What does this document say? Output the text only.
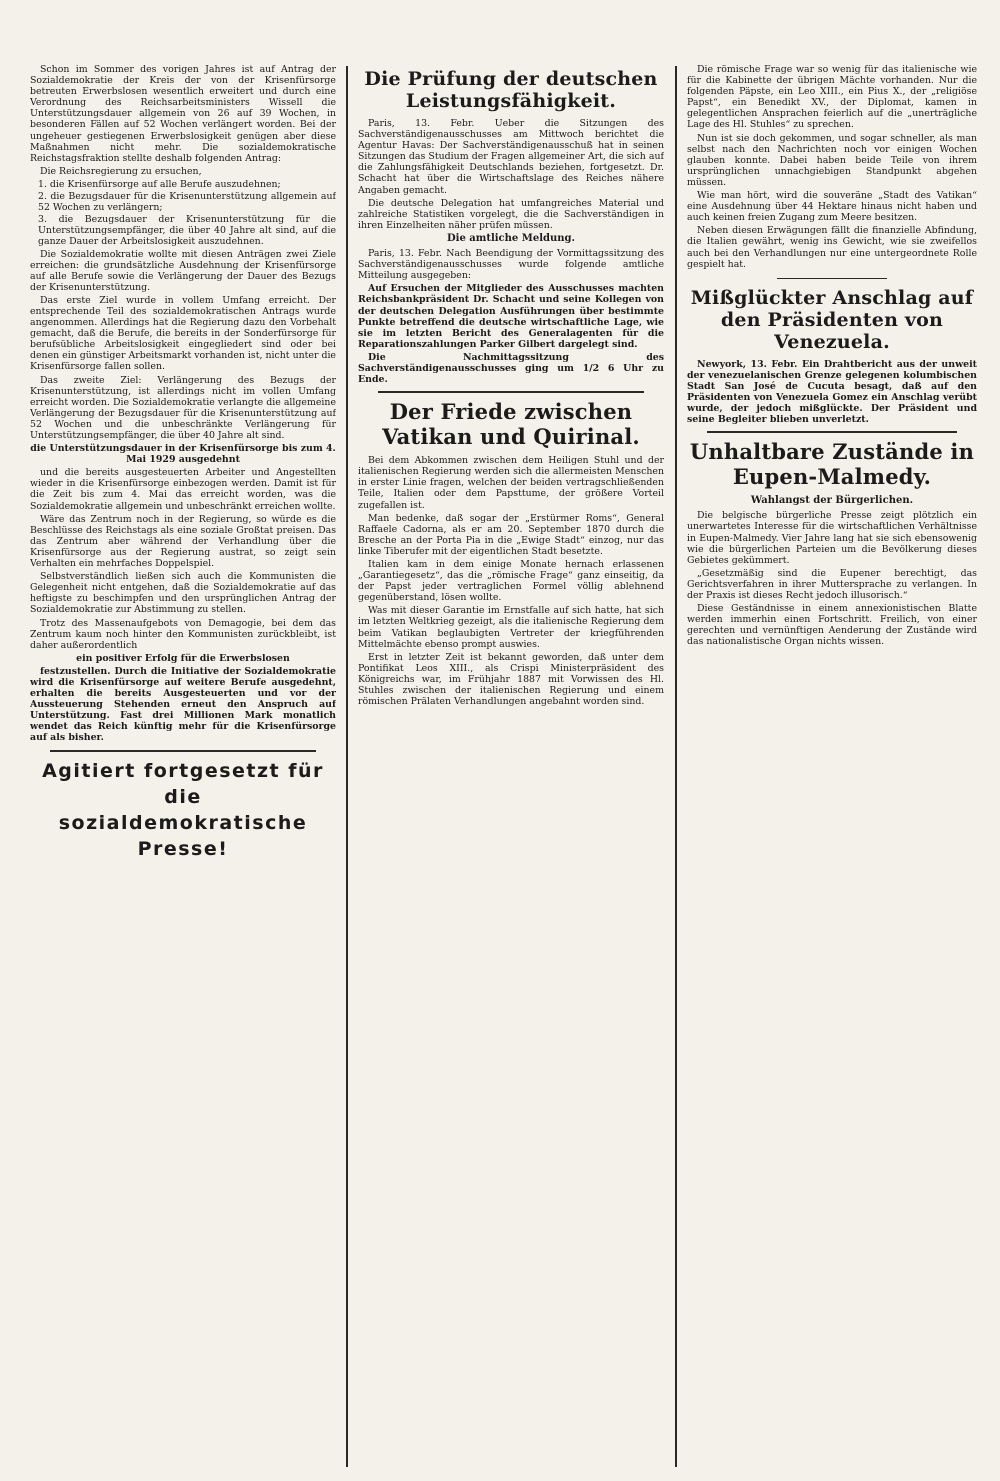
Schon im Sommer des vorigen Jahres ist auf Antrag der Sozialdemokratie der Kreis der von der Krisenfürsorge betreuten Erwerbslosen wesentlich erweitert und durch eine Verordnung des Reichsarbeitsministers Wissell die Unterstützungsdauer allgemein von 26 auf 39 Wochen, in besonderen Fällen auf 52 Wochen verlängert worden. Bei der ungeheuer gestiegenen Erwerbslosigkeit genügen aber diese Maßnahmen nicht mehr. Die sozialdemokratische Reichstagsfraktion stellte deshalb folgenden Antrag:

Die Reichsregierung zu ersuchen,

1. die Krisenfürsorge auf alle Berufe auszudehnen;

2. die Bezugsdauer für die Krisenunterstützung allgemein auf 52 Wochen zu verlängern;

3. die Bezugsdauer der Krisenunterstützung für die Unterstützungsempfänger, die über 40 Jahre alt sind, auf die ganze Dauer der Arbeitslosigkeit auszudehnen.

Die Sozialdemokratie wollte mit diesen Anträgen zwei Ziele erreichen: die grundsätzliche Ausdehnung der Krisenfürsorge auf alle Berufe sowie die Verlängerung der Dauer des Bezugs der Krisenunterstützung.

Das erste Ziel wurde in vollem Umfang erreicht. Der entsprechende Teil des sozialdemokratischen Antrags wurde angenommen. Allerdings hat die Regierung dazu den Vorbehalt gemacht, daß die Berufe, die bereits in der Sonderfürsorge für berufsübliche Arbeitslosigkeit eingegliedert sind oder bei denen ein günstiger Arbeitsmarkt vorhanden ist, nicht unter die Krisenfürsorge fallen sollen.

Das zweite Ziel: Verlängerung des Bezugs der Krisenunterstützung, ist allerdings nicht im vollen Umfang erreicht worden. Die Sozialdemokratie verlangte die allgemeine Verlängerung der Bezugsdauer für die Krisenunterstützung auf 52 Wochen und die unbeschränkte Verlängerung für Unterstützungsempfänger, die über 40 Jahre alt sind.

die Unterstützungsdauer in der Krisenfürsorge bis zum 4. Mai 1929 ausgedehnt

und die bereits ausgesteuerten Arbeiter und Angestellten wieder in die Krisenfürsorge einbezogen werden. Damit ist für die Zeit bis zum 4. Mai das erreicht worden, was die Sozialdemokratie allgemein und unbeschränkt erreichen wollte.

Wäre das Zentrum noch in der Regierung, so würde es die Beschlüsse des Reichstags als eine soziale Großtat preisen. Das das Zentrum aber während der Verhandlung über die Krisenfürsorge aus der Regierung austrat, so zeigt sein Verhalten ein mehrfaches Doppelspiel.

Selbstverständlich ließen sich auch die Kommunisten die Gelegenheit nicht entgehen, daß die Sozialdemokratie auf das heftigste zu beschimpfen und den ursprünglichen Antrag der Sozialdemokratie zur Abstimmung zu stellen.

Trotz des Massenaufgebots von Demagogie, bei dem das Zentrum kaum noch hinter den Kommunisten zurückbleibt, ist daher außerordentlich

ein positiver Erfolg für die Erwerbslosen

festzustellen. Durch die Initiative der Sozialdemokratie wird die Krisenfürsorge auf weitere Berufe ausgedehnt, erhalten die bereits Ausgesteuerten und vor der Aussteuerung Stehenden erneut den Anspruch auf Unterstützung. Fast drei Millionen Mark monatlich wendet das Reich künftig mehr für die Krisenfürsorge auf als bisher.

Agitiert fortgesetzt für die
sozialdemokratische Presse!
Die Prüfung der deutschen Leistungsfähigkeit.

Paris, 13. Febr. Ueber die Sitzungen des Sachverständigenausschusses am Mittwoch berichtet die Agentur Havas: Der Sachverständigenausschuß hat in seinen Sitzungen das Studium der Fragen allgemeiner Art, die sich auf die Zahlungsfähigkeit Deutschlands beziehen, fortgesetzt. Dr. Schacht hat über die Wirtschaftslage des Reiches nähere Angaben gemacht.

Die deutsche Delegation hat umfangreiches Material und zahlreiche Statistiken vorgelegt, die die Sachverständigen in ihren Einzelheiten näher prüfen müssen.

Die amtliche Meldung.

Paris, 13. Febr. Nach Beendigung der Vormittagssitzung des Sachverständigenausschusses wurde folgende amtliche Mitteilung ausgegeben:

Auf Ersuchen der Mitglieder des Ausschusses machten Reichsbankpräsident Dr. Schacht und seine Kollegen von der deutschen Delegation Ausführungen über bestimmte Punkte betreffend die deutsche wirtschaftliche Lage, wie sie im letzten Bericht des Generalagenten für die Reparationszahlungen Parker Gilbert dargelegt sind.

Die Nachmittagssitzung des Sachverständigenausschusses ging um 1/2 6 Uhr zu Ende.

Der Friede zwischen Vatikan und Quirinal.

Bei dem Abkommen zwischen dem Heiligen Stuhl und der italienischen Regierung werden sich die allermeisten Menschen in erster Linie fragen, welchen der beiden vertragschließenden Teile, Italien oder dem Papsttume, der größere Vorteil zugefallen ist.

Man bedenke, daß sogar der „Erstürmer Roms“, General Raffaele Cadorna, als er am 20. September 1870 durch die Bresche an der Porta Pia in die „Ewige Stadt“ einzog, nur das linke Tiberufer mit der eigentlichen Stadt besetzte.

Italien kam in dem einige Monate hernach erlassenen „Garantiegesetz“, das die „römische Frage“ ganz einseitig, da der Papst jeder vertraglichen Formel völlig ablehnend gegenüberstand, lösen wollte.

Was mit dieser Garantie im Ernstfalle auf sich hatte, hat sich im letzten Weltkrieg gezeigt, als die italienische Regierung dem beim Vatikan beglaubigten Vertreter der kriegführenden Mittelmächte ebenso prompt auswies.

Erst in letzter Zeit ist bekannt geworden, daß unter dem Pontifikat Leos XIII., als Crispi Ministerpräsident des Königreichs war, im Frühjahr 1887 mit Vorwissen des Hl. Stuhles zwischen der italienischen Regierung und einem römischen Prälaten Verhandlungen angebahnt worden sind.

Die römische Frage war so wenig für das italienische wie für die Kabinette der übrigen Mächte vorhanden. Nur die folgenden Päpste, ein Leo XIII., ein Pius X., der „religiöse Papst“, ein Benedikt XV., der Diplomat, kamen in gelegentlichen Ansprachen feierlich auf die „unerträgliche Lage des Hl. Stuhles“ zu sprechen.

Nun ist sie doch gekommen, und sogar schneller, als man selbst nach den Nachrichten noch vor einigen Wochen glauben konnte. Dabei haben beide Teile von ihrem ursprünglichen unnachgiebigen Standpunkt abgehen müssen.

Wie man hört, wird die souveräne „Stadt des Vatikan“ eine Ausdehnung über 44 Hektare hinaus nicht haben und auch keinen freien Zugang zum Meere besitzen.

Neben diesen Erwägungen fällt die finanzielle Abfindung, die Italien gewährt, wenig ins Gewicht, wie sie zweifellos auch bei den Verhandlungen nur eine untergeordnete Rolle gespielt hat.

Mißglückter Anschlag auf den Präsidenten von Venezuela.

Newyork, 13. Febr. Ein Drahtbericht aus der unweit der venezuelanischen Grenze gelegenen kolumbischen Stadt San José de Cucuta besagt, daß auf den Präsidenten von Venezuela Gomez ein Anschlag verübt wurde, der jedoch mißglückte. Der Präsident und seine Begleiter blieben unverletzt.

Unhaltbare Zustände in Eupen-Malmedy.
Wahlangst der Bürgerlichen.

Die belgische bürgerliche Presse zeigt plötzlich ein unerwartetes Interesse für die wirtschaftlichen Verhältnisse in Eupen-Malmedy. Vier Jahre lang hat sie sich ebensowenig wie die bürgerlichen Parteien um die Bevölkerung dieses Gebietes gekümmert.

„Gesetzmäßig sind die Eupener berechtigt, das Gerichtsverfahren in ihrer Muttersprache zu verlangen. In der Praxis ist dieses Recht jedoch illusorisch.“

Diese Geständnisse in einem annexionistischen Blatte werden immerhin einen Fortschritt. Freilich, von einer gerechten und vernünftigen Aenderung der Zustände wird das nationalistische Organ nichts wissen.
